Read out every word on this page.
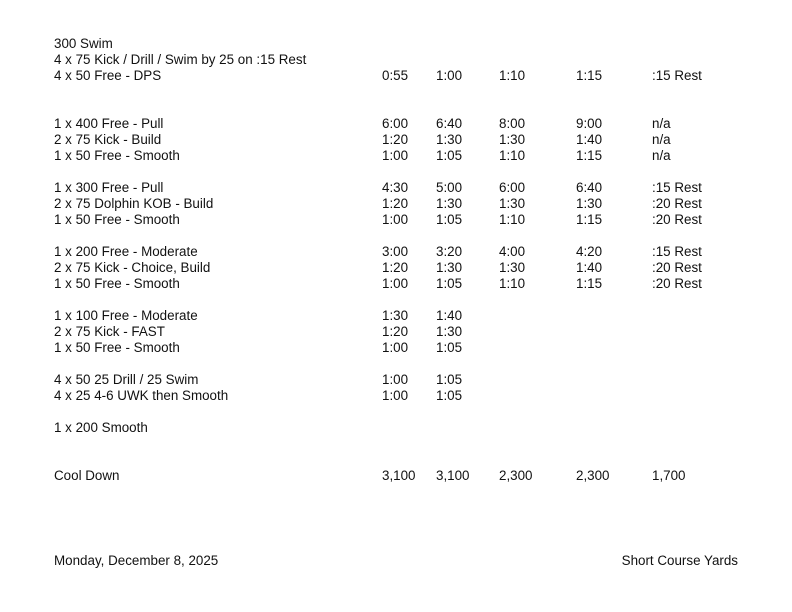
300 Swim
4 x 75 Kick / Drill / Swim by 25 on :15 Rest
4 x 50 Free - DPS	0:55 1:00	1:10	1:15	:15 Rest
1 x 400 Free - Pull	6:00 6:40	8:00	9:00	n/a
2 x 75 Kick - Build	1:20 1:30	1:30	1:40	n/a
1 x 50 Free - Smooth	1:00 1:05	1:10	1:15	n/a
1 x 300 Free - Pull	4:30 5:00	6:00	6:40	:15 Rest
2 x 75 Dolphin KOB - Build	1:20 1:30	1:30	1:30	:20 Rest
1 x 50 Free - Smooth	1:00 1:05	1:10	1:15	:20 Rest
1 x 200 Free - Moderate	3:00 3:20	4:00	4:20	:15 Rest
2 x 75 Kick - Choice, Build	1:20 1:30	1:30	1:40	:20 Rest
1 x 50 Free - Smooth	1:00 1:05	1:10	1:15	:20 Rest
1 x 100 Free - Moderate	1:30 1:40
2 x 75 Kick - FAST	1:20 1:30
1 x 50 Free - Smooth	1:00 1:05
4 x 50 25 Drill / 25 Swim	1:00 1:05
4 x 25 4-6 UWK then Smooth	1:00 1:05
1 x 200 Smooth
Cool Down	3,100 3,100 2,300	2,300	1,700
Monday, December 8, 2025	Short Course Yards
